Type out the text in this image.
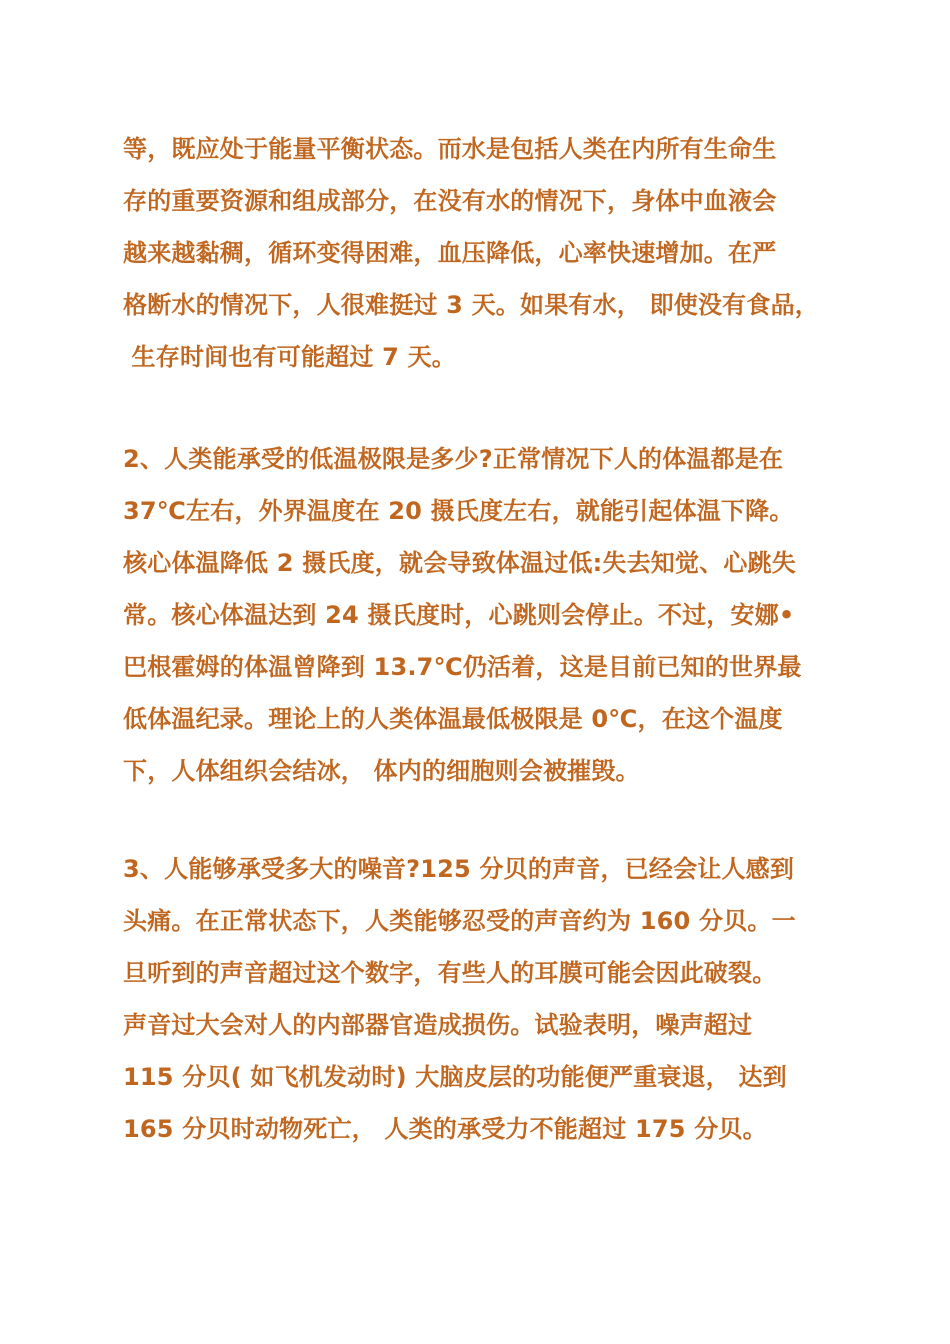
等，既应处于能量平衡状态。而水是包括人类在内所有生命生
存的重要资源和组成部分，在没有水的情况下，身体中血液会
越来越黏稠，循环变得困难，血压降低，心率快速增加。在严
格断水的情况下，人很难挺过 3 天。如果有水， 即使没有食品，
生存时间也有可能超过 7 天。
2、人类能承受的低温极限是多少?正常情况下人的体温都是在
37℃左右，外界温度在 20 摄氏度左右，就能引起体温下降。
核心体温降低 2 摄氏度，就会导致体温过低:失去知觉、心跳失
常。核心体温达到 24 摄氏度时，心跳则会停止。不过，安娜•
巴根霍姆的体温曾降到 13.7℃仍活着，这是目前已知的世界最
低体温纪录。理论上的人类体温最低极限是 0℃，在这个温度
下，人体组织会结冰， 体内的细胞则会被摧毁。
3、人能够承受多大的噪音?125 分贝的声音，已经会让人感到
头痛。在正常状态下，人类能够忍受的声音约为 160 分贝。一
旦听到的声音超过这个数字，有些人的耳膜可能会因此破裂。
声音过大会对人的内部器官造成损伤。试验表明，噪声超过
115 分贝( 如飞机发动时) 大脑皮层的功能便严重衰退， 达到
165 分贝时动物死亡， 人类的承受力不能超过 175 分贝。
